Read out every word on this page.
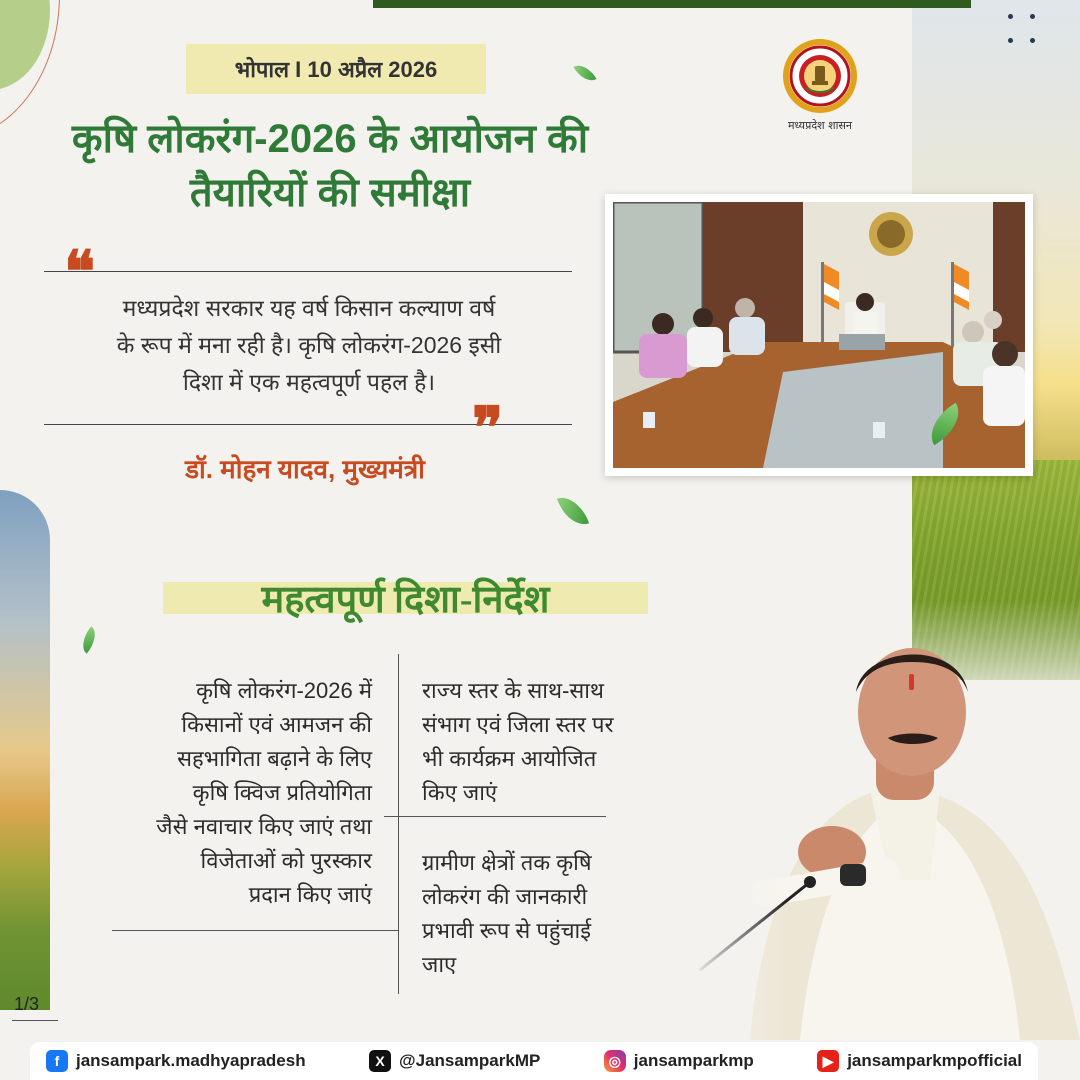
भोपाल I 10 अप्रैल 2026
कृषि लोकरंग-2026 के आयोजन की
तैयारियों की समीक्षा
मध्यप्रदेश शासन
❝
मध्यप्रदेश सरकार यह वर्ष किसान कल्याण वर्ष
के रूप में मना रही है। कृषि लोकरंग-2026 इसी
दिशा में एक महत्वपूर्ण पहल है।
❞
डॉ. मोहन यादव, मुख्यमंत्री
महत्वपूर्ण दिशा-निर्देश
कृषि लोकरंग-2026 में
किसानों एवं आमजन की
सहभागिता बढ़ाने के लिए
कृषि क्विज प्रतियोगिता
जैसे नवाचार किए जाएं तथा
विजेताओं को पुरस्कार
प्रदान किए जाएं
राज्य स्तर के साथ-साथ
संभाग एवं जिला स्तर पर
भी कार्यक्रम आयोजित
किए जाएं
ग्रामीण क्षेत्रों तक कृषि
लोकरंग की जानकारी
प्रभावी रूप से पहुंचाई
जाए
1/3
f jansampark.madhyapradesh	X @JansamparkMP	◎ jansamparkmp	▶ jansamparkmpofficial
